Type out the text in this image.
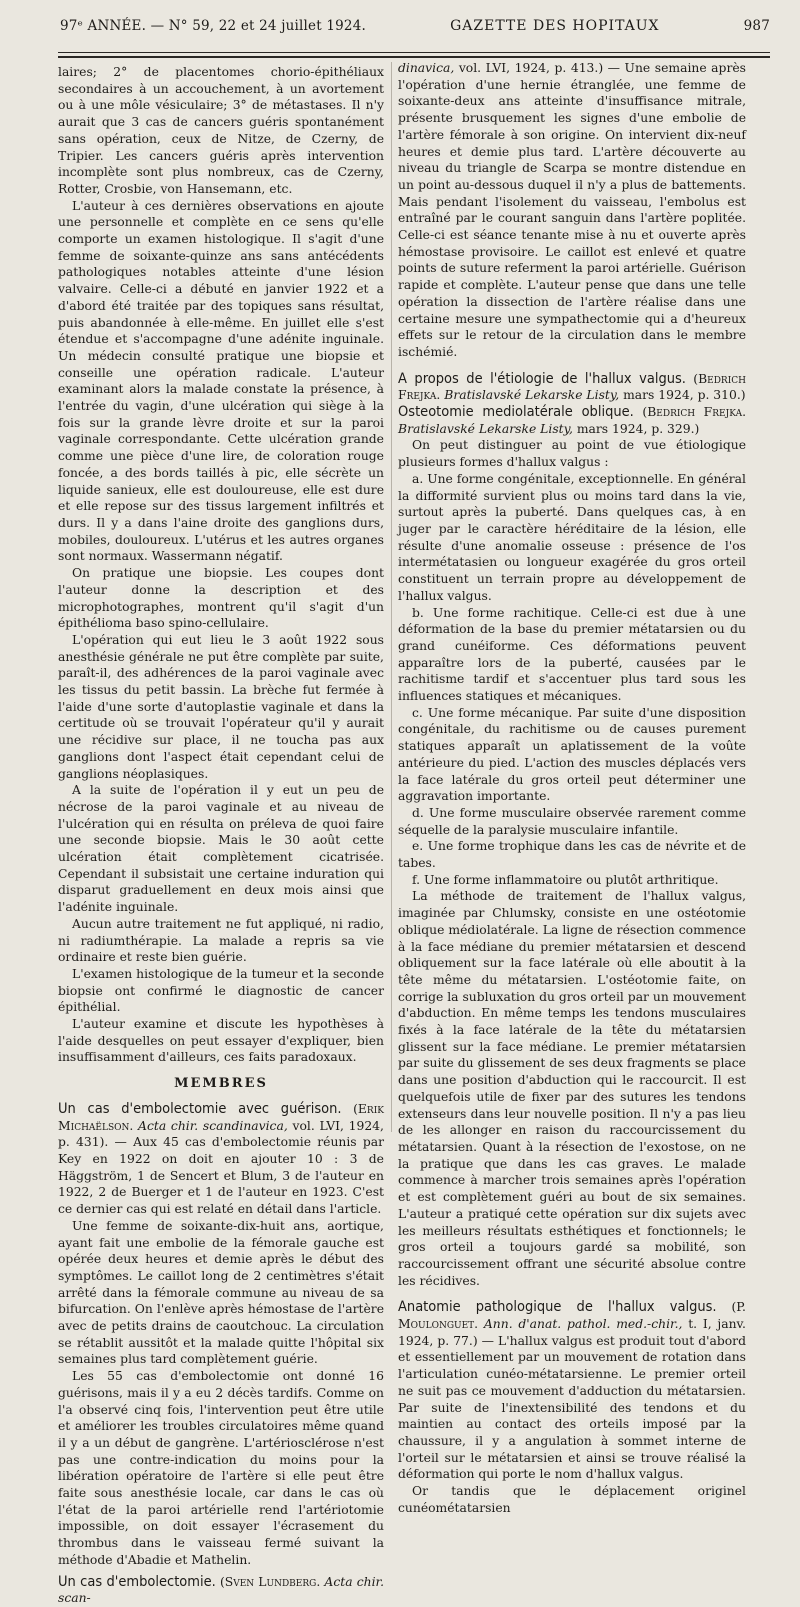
97ᵉ ANNÉE. — N° 59, 22 et 24 juillet 1924.	GAZETTE DES HOPITAUX	987

laires; 2° de placentomes chorio-épithéliaux secondaires à un accouchement, à un avortement ou à une môle vésiculaire; 3° de métastases. Il n'y aurait que 3 cas de cancers guéris spontanément sans opération, ceux de Nitze, de Czerny, de Tripier. Les cancers guéris après intervention incomplète sont plus nombreux, cas de Czerny, Rotter, Crosbie, von Hansemann, etc.

L'auteur à ces dernières observations en ajoute une personnelle et complète en ce sens qu'elle comporte un examen histologique. Il s'agit d'une femme de soixante-quinze ans sans antécédents pathologiques notables atteinte d'une lésion valvaire. Celle-ci a débuté en janvier 1922 et a d'abord été traitée par des topiques sans résultat, puis abandonnée à elle-même. En juillet elle s'est étendue et s'accompagne d'une adénite inguinale. Un médecin consulté pratique une biopsie et conseille une opération radicale. L'auteur examinant alors la malade constate la présence, à l'entrée du vagin, d'une ulcération qui siège à la fois sur la grande lèvre droite et sur la paroi vaginale correspondante. Cette ulcération grande comme une pièce d'une lire, de coloration rouge foncée, a des bords taillés à pic, elle sécrète un liquide sanieux, elle est douloureuse, elle est dure et elle repose sur des tissus largement infiltrés et durs. Il y a dans l'aine droite des ganglions durs, mobiles, douloureux. L'utérus et les autres organes sont normaux. Wassermann négatif.

On pratique une biopsie. Les coupes dont l'auteur donne la description et des microphotographes, montrent qu'il s'agit d'un épithélioma baso spino-cellulaire.

L'opération qui eut lieu le 3 août 1922 sous anesthésie générale ne put être complète par suite, paraît-il, des adhérences de la paroi vaginale avec les tissus du petit bassin. La brèche fut fermée à l'aide d'une sorte d'autoplastie vaginale et dans la certitude où se trouvait l'opérateur qu'il y aurait une récidive sur place, il ne toucha pas aux ganglions dont l'aspect était cependant celui de ganglions néoplasiques.

A la suite de l'opération il y eut un peu de nécrose de la paroi vaginale et au niveau de l'ulcération qui en résulta on préleva de quoi faire une seconde biopsie. Mais le 30 août cette ulcération était complètement cicatrisée. Cependant il subsistait une certaine induration qui disparut graduellement en deux mois ainsi que l'adénite inguinale.

Aucun autre traitement ne fut appliqué, ni radio, ni radiumthérapie. La malade a repris sa vie ordinaire et reste bien guérie.

L'examen histologique de la tumeur et la seconde biopsie ont confirmé le diagnostic de cancer épithélial.

L'auteur examine et discute les hypothèses à l'aide desquelles on peut essayer d'expliquer, bien insuffisamment d'ailleurs, ces faits paradoxaux.

MEMBRES

Un cas d'embolectomie avec guérison. (Erik Michaëlson. Acta chir. scandinavica, vol. LVI, 1924, p. 431). — Aux 45 cas d'embolectomie réunis par Key en 1922 on doit en ajouter 10 : 3 de Häggström, 1 de Sencert et Blum, 3 de l'auteur en 1922, 2 de Buerger et 1 de l'auteur en 1923. C'est ce dernier cas qui est relaté en détail dans l'article.

Une femme de soixante-dix-huit ans, aortique, ayant fait une embolie de la fémorale gauche est opérée deux heures et demie après le début des symptômes. Le caillot long de 2 centimètres s'était arrêté dans la fémorale commune au niveau de sa bifurcation. On l'enlève après hémostase de l'artère avec de petits drains de caoutchouc. La circulation se rétablit aussitôt et la malade quitte l'hôpital six semaines plus tard complètement guérie.

Les 55 cas d'embolectomie ont donné 16 guérisons, mais il y a eu 2 décès tardifs. Comme on l'a observé cinq fois, l'intervention peut être utile et améliorer les troubles circulatoires même quand il y a un début de gangrène. L'artériosclérose n'est pas une contre-indication du moins pour la libération opératoire de l'artère si elle peut être faite sous anesthésie locale, car dans le cas où l'état de la paroi artérielle rend l'artériotomie impossible, on doit essayer l'écrasement du thrombus dans le vaisseau fermé suivant la méthode d'Abadie et Mathelin.

Un cas d'embolectomie. (Sven Lundberg. Acta chir. scan-

dinavica, vol. LVI, 1924, p. 413.) — Une semaine après l'opération d'une hernie étranglée, une femme de soixante-deux ans atteinte d'insuffisance mitrale, présente brusquement les signes d'une embolie de l'artère fémorale à son origine. On intervient dix-neuf heures et demie plus tard. L'artère découverte au niveau du triangle de Scarpa se montre distendue en un point au-dessous duquel il n'y a plus de battements. Mais pendant l'isolement du vaisseau, l'embolus est entraîné par le courant sanguin dans l'artère poplitée. Celle-ci est séance tenante mise à nu et ouverte après hémostase provisoire. Le caillot est enlevé et quatre points de suture referment la paroi artérielle. Guérison rapide et complète. L'auteur pense que dans une telle opération la dissection de l'artère réalise dans une certaine mesure une sympathectomie qui a d'heureux effets sur le retour de la circulation dans le membre ischémié.

A propos de l'étiologie de l'hallux valgus. (Bedrich Frejka. Bratislavské Lekarske Listy, mars 1924, p. 310.)

Osteotomie mediolatérale oblique. (Bedrich Frejka. Bratislavské Lekarske Listy, mars 1924, p. 329.)

On peut distinguer au point de vue étiologique plusieurs formes d'hallux valgus :

a. Une forme congénitale, exceptionnelle. En général la difformité survient plus ou moins tard dans la vie, surtout après la puberté. Dans quelques cas, à en juger par le caractère héréditaire de la lésion, elle résulte d'une anomalie osseuse : présence de l'os intermétatasien ou longueur exagérée du gros orteil constituent un terrain propre au développement de l'hallux valgus.

b. Une forme rachitique. Celle-ci est due à une déformation de la base du premier métatarsien ou du grand cunéiforme. Ces déformations peuvent apparaître lors de la puberté, causées par le rachitisme tardif et s'accentuer plus tard sous les influences statiques et mécaniques.

c. Une forme mécanique. Par suite d'une disposition congénitale, du rachitisme ou de causes purement statiques apparaît un aplatissement de la voûte antérieure du pied. L'action des muscles déplacés vers la face latérale du gros orteil peut déterminer une aggravation importante.

d. Une forme musculaire observée rarement comme séquelle de la paralysie musculaire infantile.

e. Une forme trophique dans les cas de névrite et de tabes.

f. Une forme inflammatoire ou plutôt arthritique.

La méthode de traitement de l'hallux valgus, imaginée par Chlumsky, consiste en une ostéotomie oblique médiolatérale. La ligne de résection commence à la face médiane du premier métatarsien et descend obliquement sur la face latérale où elle aboutit à la tête même du métatarsien. L'ostéotomie faite, on corrige la subluxation du gros orteil par un mouvement d'abduction. En même temps les tendons musculaires fixés à la face latérale de la tête du métatarsien glissent sur la face médiane. Le premier métatarsien par suite du glissement de ses deux fragments se place dans une position d'abduction qui le raccourcit. Il est quelquefois utile de fixer par des sutures les tendons extenseurs dans leur nouvelle position. Il n'y a pas lieu de les allonger en raison du raccourcissement du métatarsien. Quant à la résection de l'exostose, on ne la pratique que dans les cas graves. Le malade commence à marcher trois semaines après l'opération et est complètement guéri au bout de six semaines. L'auteur a pratiqué cette opération sur dix sujets avec les meilleurs résultats esthétiques et fonctionnels; le gros orteil a toujours gardé sa mobilité, son raccourcissement offrant une sécurité absolue contre les récidives.

Anatomie pathologique de l'hallux valgus. (P. Moulonguet. Ann. d'anat. pathol. med.-chir., t. I, janv. 1924, p. 77.) — L'hallux valgus est produit tout d'abord et essentiellement par un mouvement de rotation dans l'articulation cunéo-métatarsienne. Le premier orteil ne suit pas ce mouvement d'adduction du métatarsien. Par suite de l'inextensibilité des tendons et du maintien au contact des orteils imposé par la chaussure, il y a angulation à sommet interne de l'orteil sur le métatarsien et ainsi se trouve réalisé la déformation qui porte le nom d'hallux valgus.

Or tandis que le déplacement originel cunéométatarsien
